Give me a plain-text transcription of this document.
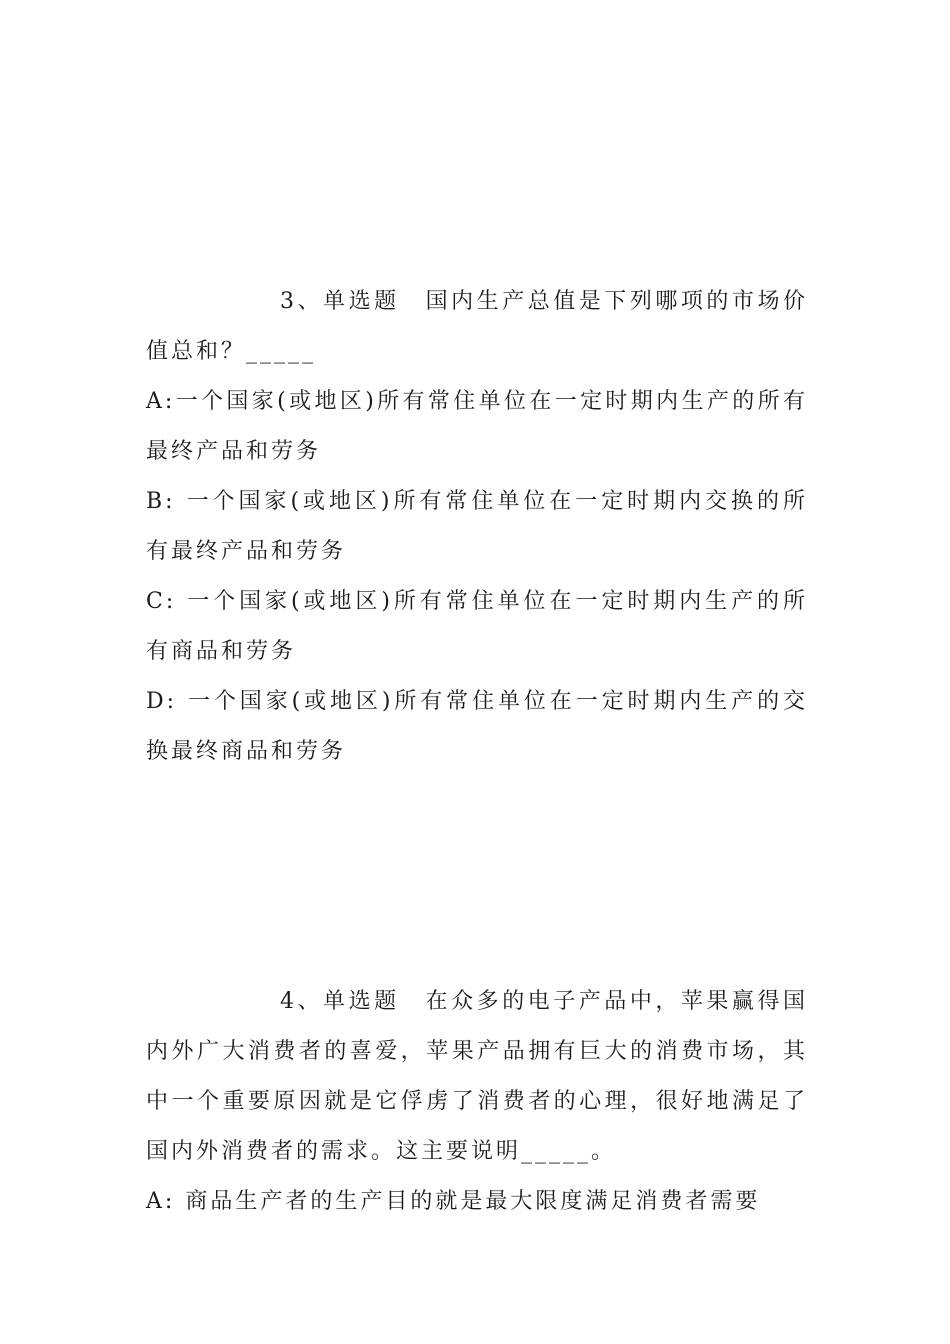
3、单选题 国内生产总值是下列哪项的市场价值总和？_____

A:一个国家(或地区)所有常住单位在一定时期内生产的所有最终产品和劳务

B: 一个国家(或地区)所有常住单位在一定时期内交换的所有最终产品和劳务

C: 一个国家(或地区)所有常住单位在一定时期内生产的所有商品和劳务

D: 一个国家(或地区)所有常住单位在一定时期内生产的交换最终商品和劳务

4、单选题 在众多的电子产品中，苹果赢得国内外广大消费者的喜爱，苹果产品拥有巨大的消费市场，其中一个重要原因就是它俘虏了消费者的心理，很好地满足了国内外消费者的需求。这主要说明_____。

A: 商品生产者的生产目的就是最大限度满足消费者需要
